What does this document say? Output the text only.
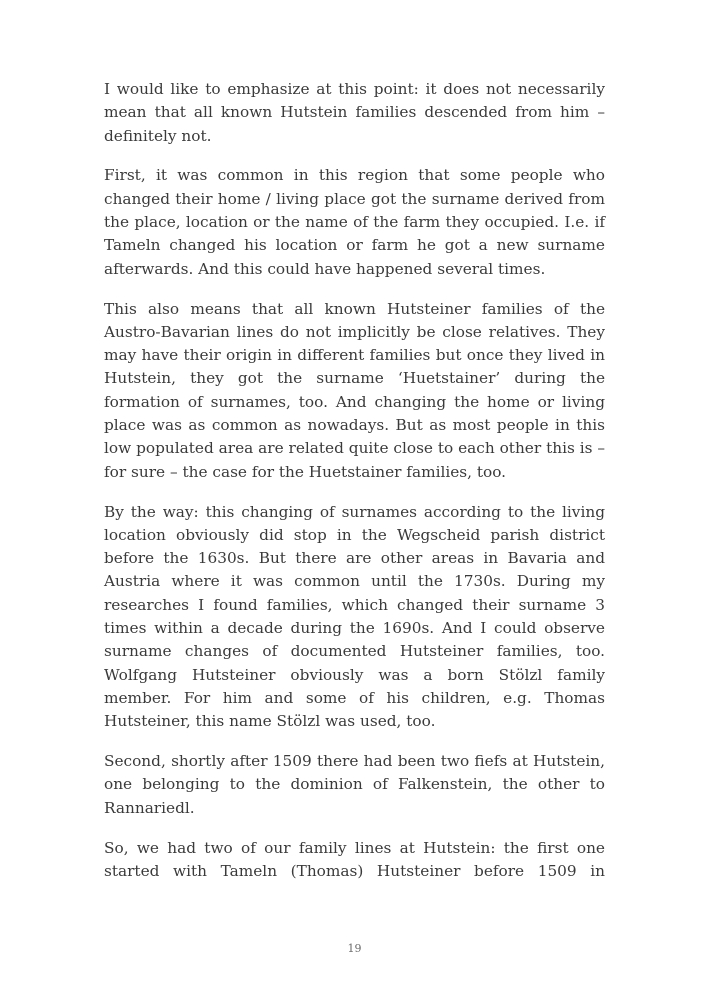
I would like to emphasize at this point: it does not necessarily mean that all known Hutstein families descended from him – definitely not.

First, it was common in this region that some people who changed their home / living place got the surname derived from the place, location or the name of the farm they occupied. I.e. if Tameln changed his location or farm he got a new surname afterwards. And this could have happened several times.

This also means that all known Hutsteiner families of the Austro-Bavarian lines do not implicitly be close relatives. They may have their origin in different families but once they lived in Hutstein, they got the surname ‘Huetstainer’ during the formation of surnames, too. And changing the home or living place was as common as nowadays. But as most people in this low populated area are related quite close to each other this is – for sure – the case for the Huetstainer families, too.

By the way: this changing of surnames according to the living location obviously did stop in the Wegscheid parish district before the 1630s. But there are other areas in Bavaria and Austria where it was common until the 1730s. During my researches I found families, which changed their surname 3 times within a decade during the 1690s. And I could observe surname changes of documented Hutsteiner families, too. Wolfgang Hutsteiner obviously was a born Stölzl family member. For him and some of his children, e.g. Thomas Hutsteiner, this name Stölzl was used, too.

Second, shortly after 1509 there had been two fiefs at Hutstein, one belonging to the dominion of Falkenstein, the other to Rannariedl.

So, we had two of our family lines at Hutstein: the first one started with Tameln (Thomas) Hutsteiner before 1509 in

19
